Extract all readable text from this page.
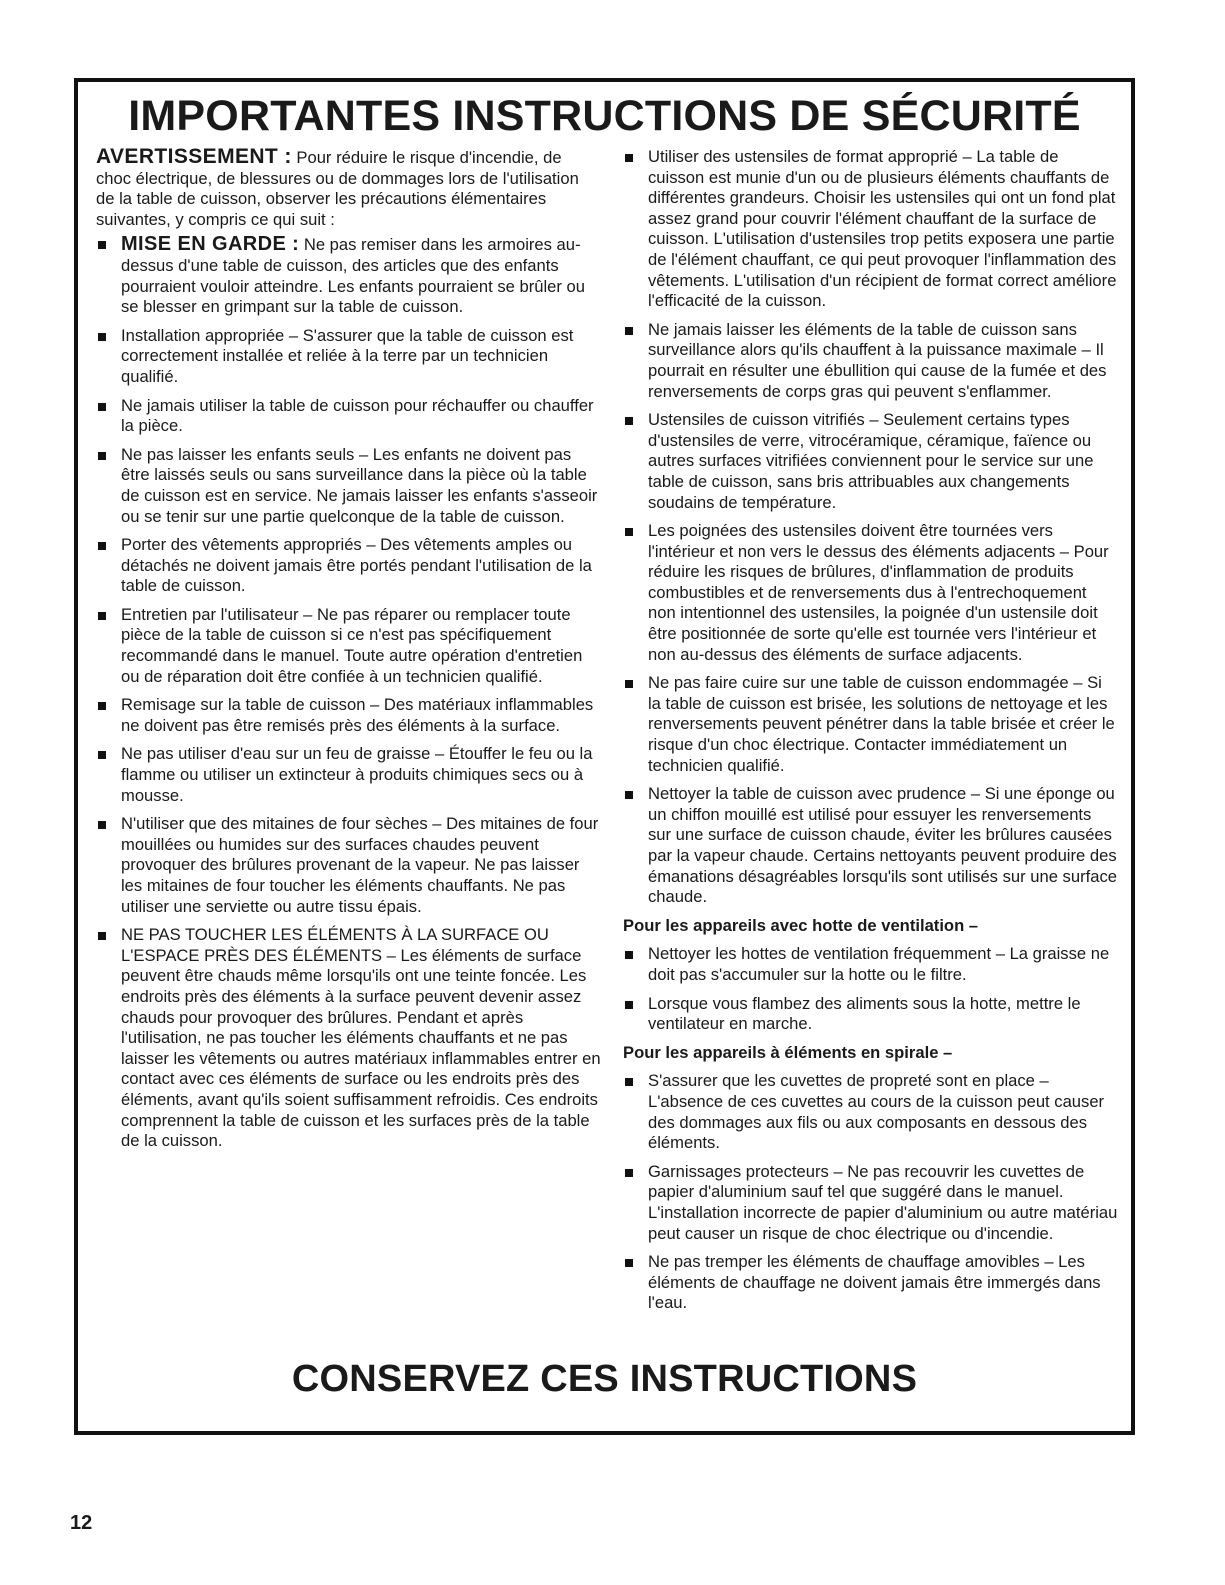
IMPORTANTES INSTRUCTIONS DE SÉCURITÉ

AVERTISSEMENT : Pour réduire le risque d'incendie, de choc électrique, de blessures ou de dommages lors de l'utilisation de la table de cuisson, observer les précautions élémentaires suivantes, y compris ce qui suit :

MISE EN GARDE : Ne pas remiser dans les armoires au-dessus d'une table de cuisson, des articles que des enfants pourraient vouloir atteindre. Les enfants pourraient se brûler ou se blesser en grimpant sur la table de cuisson.
Installation appropriée – S'assurer que la table de cuisson est correctement installée et reliée à la terre par un technicien qualifié.
Ne jamais utiliser la table de cuisson pour réchauffer ou chauffer la pièce.
Ne pas laisser les enfants seuls – Les enfants ne doivent pas être laissés seuls ou sans surveillance dans la pièce où la table de cuisson est en service. Ne jamais laisser les enfants s'asseoir ou se tenir sur une partie quelconque de la table de cuisson.
Porter des vêtements appropriés – Des vêtements amples ou détachés ne doivent jamais être portés pendant l'utilisation de la table de cuisson.
Entretien par l'utilisateur – Ne pas réparer ou remplacer toute pièce de la table de cuisson si ce n'est pas spécifiquement recommandé dans le manuel. Toute autre opération d'entretien ou de réparation doit être confiée à un technicien qualifié.
Remisage sur la table de cuisson – Des matériaux inflammables ne doivent pas être remisés près des éléments à la surface.
Ne pas utiliser d'eau sur un feu de graisse – Étouffer le feu ou la flamme ou utiliser un extincteur à produits chimiques secs ou à mousse.
N'utiliser que des mitaines de four sèches – Des mitaines de four mouillées ou humides sur des surfaces chaudes peuvent provoquer des brûlures provenant de la vapeur. Ne pas laisser les mitaines de four toucher les éléments chauffants. Ne pas utiliser une serviette ou autre tissu épais.
NE PAS TOUCHER LES ÉLÉMENTS À LA SURFACE OU L'ESPACE PRÈS DES ÉLÉMENTS – Les éléments de surface peuvent être chauds même lorsqu'ils ont une teinte foncée. Les endroits près des éléments à la surface peuvent devenir assez chauds pour provoquer des brûlures. Pendant et après l'utilisation, ne pas toucher les éléments chauffants et ne pas laisser les vêtements ou autres matériaux inflammables entrer en contact avec ces éléments de surface ou les endroits près des éléments, avant qu'ils soient suffisamment refroidis. Ces endroits comprennent la table de cuisson et les surfaces près de la table de la cuisson.
Utiliser des ustensiles de format approprié – La table de cuisson est munie d'un ou de plusieurs éléments chauffants de différentes grandeurs. Choisir les ustensiles qui ont un fond plat assez grand pour couvrir l'élément chauffant de la surface de cuisson. L'utilisation d'ustensiles trop petits exposera une partie de l'élément chauffant, ce qui peut provoquer l'inflammation des vêtements. L'utilisation d'un récipient de format correct améliore l'efficacité de la cuisson.
Ne jamais laisser les éléments de la table de cuisson sans surveillance alors qu'ils chauffent à la puissance maximale – Il pourrait en résulter une ébullition qui cause de la fumée et des renversements de corps gras qui peuvent s'enflammer.
Ustensiles de cuisson vitrifiés – Seulement certains types d'ustensiles de verre, vitrocéramique, céramique, faïence ou autres surfaces vitrifiées conviennent pour le service sur une table de cuisson, sans bris attribuables aux changements soudains de température.
Les poignées des ustensiles doivent être tournées vers l'intérieur et non vers le dessus des éléments adjacents – Pour réduire les risques de brûlures, d'inflammation de produits combustibles et de renversements dus à l'entrechoquement non intentionnel des ustensiles, la poignée d'un ustensile doit être positionnée de sorte qu'elle est tournée vers l'intérieur et non au-dessus des éléments de surface adjacents.
Ne pas faire cuire sur une table de cuisson endommagée – Si la table de cuisson est brisée, les solutions de nettoyage et les renversements peuvent pénétrer dans la table brisée et créer le risque d'un choc électrique. Contacter immédiatement un technicien qualifié.
Nettoyer la table de cuisson avec prudence – Si une éponge ou un chiffon mouillé est utilisé pour essuyer les renversements sur une surface de cuisson chaude, éviter les brûlures causées par la vapeur chaude. Certains nettoyants peuvent produire des émanations désagréables lorsqu'ils sont utilisés sur une surface chaude.
Pour les appareils avec hotte de ventilation –
Nettoyer les hottes de ventilation fréquemment – La graisse ne doit pas s'accumuler sur la hotte ou le filtre.
Lorsque vous flambez des aliments sous la hotte, mettre le ventilateur en marche.
Pour les appareils à éléments en spirale –
S'assurer que les cuvettes de propreté sont en place – L'absence de ces cuvettes au cours de la cuisson peut causer des dommages aux fils ou aux composants en dessous des éléments.
Garnissages protecteurs – Ne pas recouvrir les cuvettes de papier d'aluminium sauf tel que suggéré dans le manuel. L'installation incorrecte de papier d'aluminium ou autre matériau peut causer un risque de choc électrique ou d'incendie.
Ne pas tremper les éléments de chauffage amovibles – Les éléments de chauffage ne doivent jamais être immergés dans l'eau.
CONSERVEZ CES INSTRUCTIONS
12
